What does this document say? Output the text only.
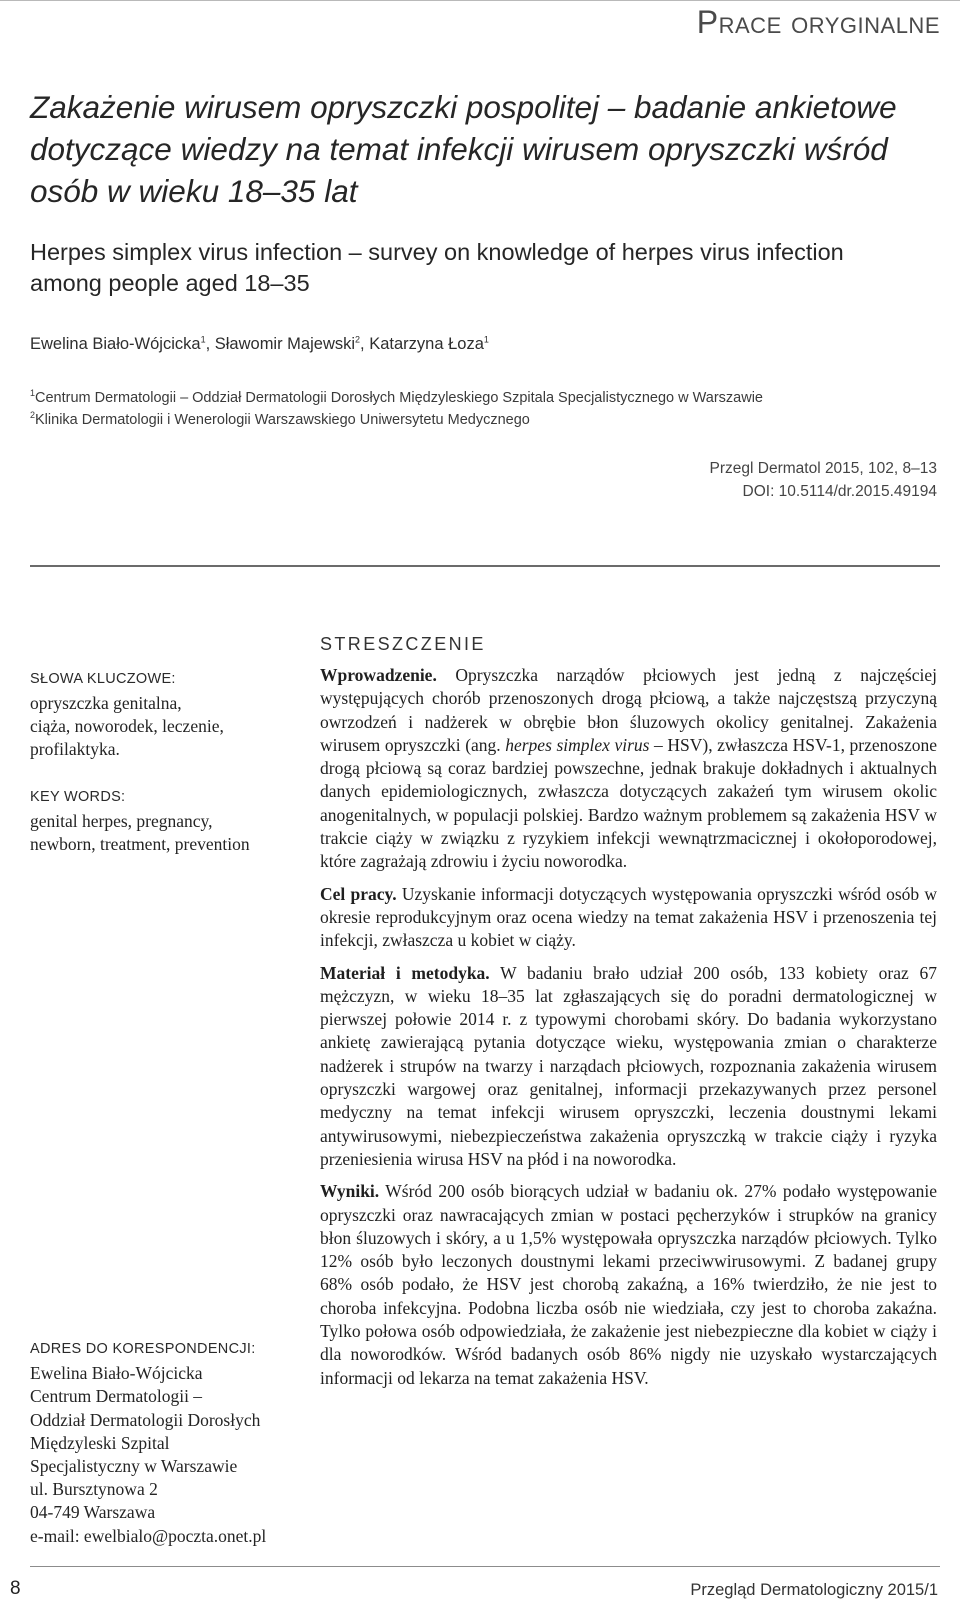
Prace oryginalne
Zakażenie wirusem opryszczki pospolitej – badanie ankietowe
dotyczące wiedzy na temat infekcji wirusem opryszczki wśród
osób w wieku 18–35 lat
Herpes simplex virus infection – survey on knowledge of herpes virus infection
among people aged 18–35
Ewelina Biało-Wójcicka$^1$, Sławomir Majewski$^2$, Katarzyna Łoza$^1$
$^1$Centrum Dermatologii – Oddział Dermatologii Dorosłych Międzyleskiego Szpitala Specjalistycznego w Warszawie
$^2$Klinika Dermatologii i Wenerologii Warszawskiego Uniwersytetu Medycznego
Przegl Dermatol 2015, 102, 8–13
DOI: 10.5114/dr.2015.49194
SŁOWA KLUCZOWE:
opryszczka genitalna,
ciąża, noworodek, leczenie,
profilaktyka.
KEY WORDS:
genital herpes, pregnancy,
newborn, treatment, prevention
ADRES DO KORESPONDENCJI:
Ewelina Biało-Wójcicka
Centrum Dermatologii –
Oddział Dermatologii Dorosłych
Międzyleski Szpital
Specjalistyczny w Warszawie
ul. Bursztynowa 2
04-749 Warszawa
e-mail: ewelbialo@poczta.onet.pl
STRESZCZENIE

Wprowadzenie. Opryszczka narządów płciowych jest jedną z najczęściej występujących chorób przenoszonych drogą płciową, a także najczęstszą przyczyną owrzodzeń i nadżerek w obrębie błon śluzowych okolicy genitalnej. Zakażenia wirusem opryszczki (ang. herpes simplex virus – HSV), zwłaszcza HSV-1, przenoszone drogą płciową są coraz bardziej powszechne, jednak brakuje dokładnych i aktualnych danych epidemiologicznych, zwłaszcza dotyczących zakażeń tym wirusem okolic anogenitalnych, w populacji polskiej. Bardzo ważnym problemem są zakażenia HSV w trakcie ciąży w związku z ryzykiem infekcji wewnątrzmacicznej i okołoporodowej, które zagrażają zdrowiu i życiu noworodka.

Cel pracy. Uzyskanie informacji dotyczących występowania opryszczki wśród osób w okresie reprodukcyjnym oraz ocena wiedzy na temat zakażenia HSV i przenoszenia tej infekcji, zwłaszcza u kobiet w ciąży.

Materiał i metodyka. W badaniu brało udział 200 osób, 133 kobiety oraz 67 mężczyzn, w wieku 18–35 lat zgłaszających się do poradni dermatologicznej w pierwszej połowie 2014 r. z typowymi chorobami skóry. Do badania wykorzystano ankietę zawierającą pytania dotyczące wieku, występowania zmian o charakterze nadżerek i strupów na twarzy i narządach płciowych, rozpoznania zakażenia wirusem opryszczki wargowej oraz genitalnej, informacji przekazywanych przez personel medyczny na temat infekcji wirusem opryszczki, leczenia doustnymi lekami antywirusowymi, niebezpieczeństwa zakażenia opryszczką w trakcie ciąży i ryzyka przeniesienia wirusa HSV na płód i na noworodka.

Wyniki. Wśród 200 osób biorących udział w badaniu ok. 27% podało występowanie opryszczki oraz nawracających zmian w postaci pęcherzyków i strupków na granicy błon śluzowych i skóry, a u 1,5% występowała opryszczka narządów płciowych. Tylko 12% osób było leczonych doustnymi lekami przeciwwirusowymi. Z badanej grupy 68% osób podało, że HSV jest chorobą zakaźną, a 16% twierdziło, że nie jest to choroba infekcyjna. Podobna liczba osób nie wiedziała, czy jest to choroba zakaźna. Tylko połowa osób odpowiedziała, że zakażenie jest niebezpieczne dla kobiet w ciąży i dla noworodków. Wśród badanych osób 86% nigdy nie uzyskało wystarczających informacji od lekarza na temat zakażenia HSV.

8	Przegląd Dermatologiczny 2015/1
